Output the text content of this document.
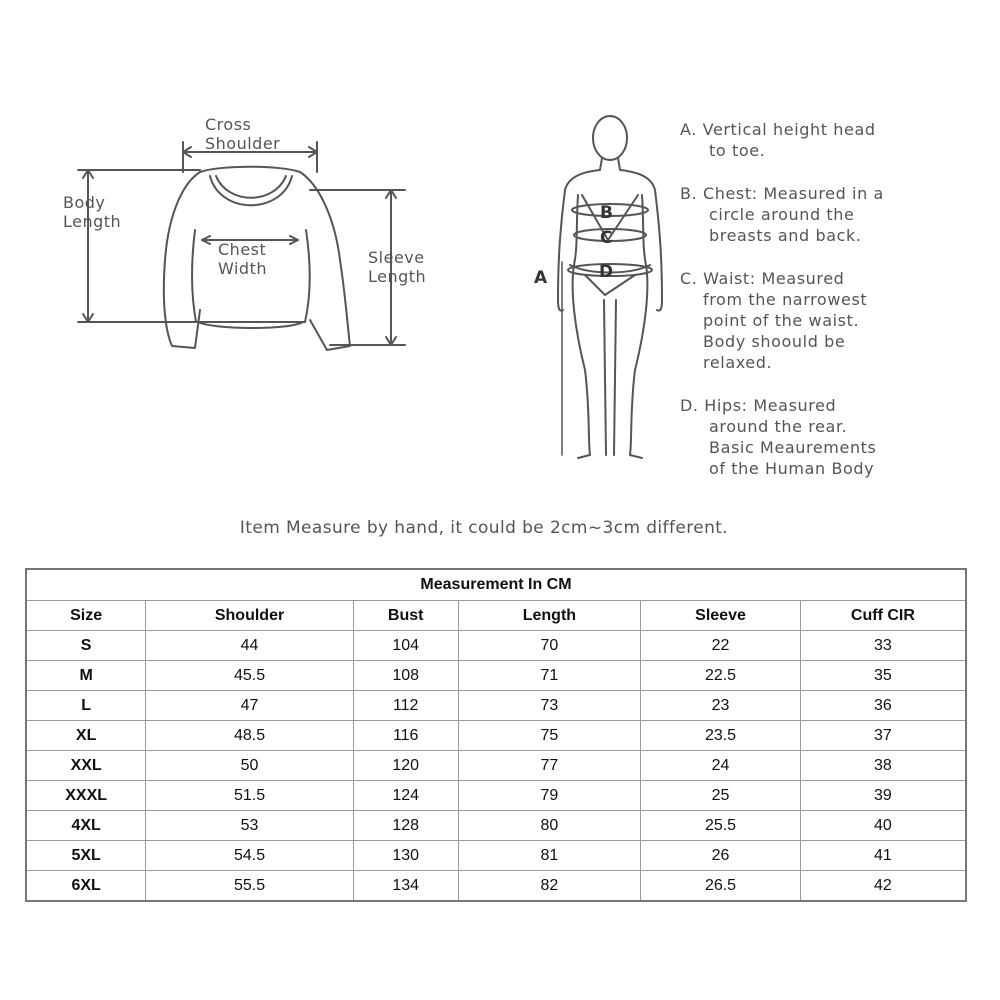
B
C
D
A
Cross
Shoulder
Body
Length
Chest
Width
Sleeve
Length
A. Vertical height head
to toe.
B. Chest: Measured in a
circle around the
breasts and back.
C. Waist: Measured
from the narrowest
point of the waist.
Body shoould be
relaxed.
D. Hips: Measured
around the rear.
Basic Meaurements
of the Human Body
Item Measure by hand, it could be 2cm~3cm different.
Measurement In CM					
Size	Shoulder	Bust	Length	Sleeve	Cuff CIR
S	44	104	70	22	33
M	45.5	108	71	22.5	35
L	47	112	73	23	36
XL	48.5	116	75	23.5	37
XXL	50	120	77	24	38
XXXL	51.5	124	79	25	39
4XL	53	128	80	25.5	40
5XL	54.5	130	81	26	41
6XL	55.5	134	82	26.5	42
